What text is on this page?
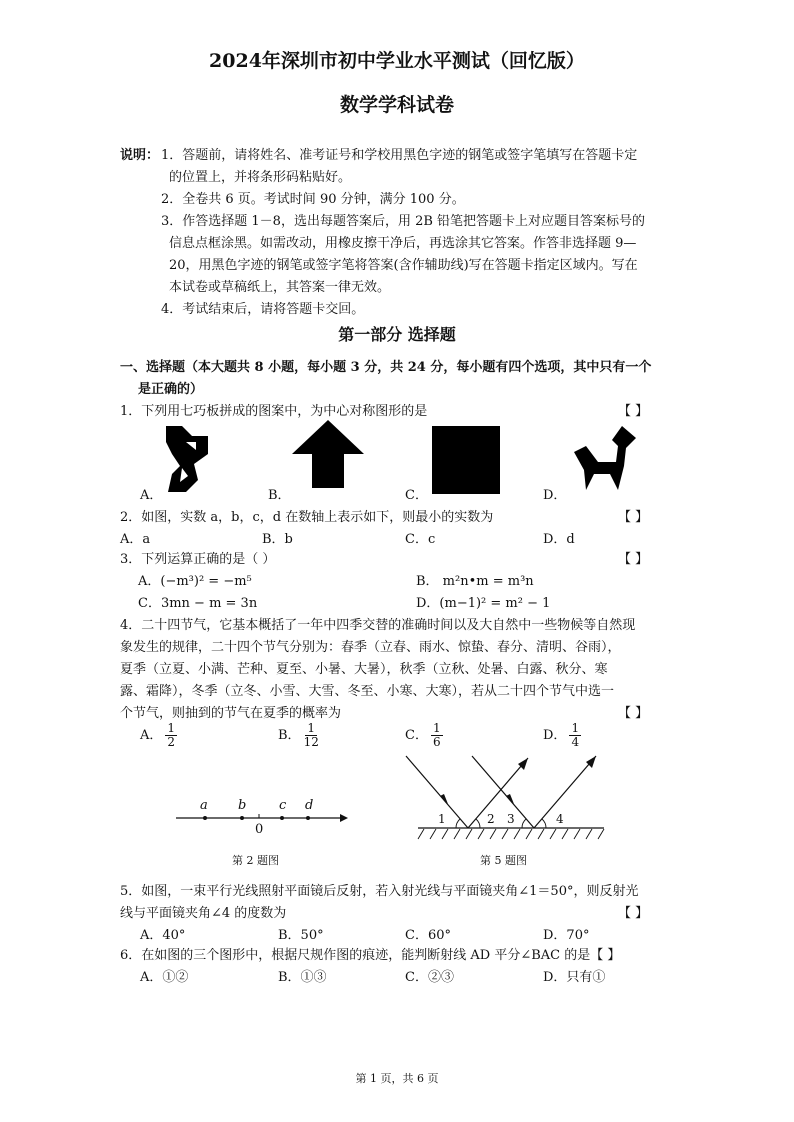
2024年深圳市初中学业水平测试（回忆版）
数学学科试卷
说明： 1．答题前，请将姓名、准考证号和学校用黑色字迹的钢笔或签字笔填写在答题卡定
的位置上，并将条形码粘贴好。
2．全卷共 6 页。考试时间 90 分钟，满分 100 分。
3．作答选择题 1－8，选出每题答案后，用 2B 铅笔把答题卡上对应题目答案标号的
信息点框涂黑。如需改动，用橡皮擦干净后，再选涂其它答案。作答非选择题 9—
20，用黑色字迹的钢笔或签字笔将答案(含作辅助线)写在答题卡指定区域内。写在
本试卷或草稿纸上，其答案一律无效。
4．考试结束后，请将答题卡交回。
第一部分 选择题
一、选择题（本大题共 8 小题，每小题 3 分，共 24 分，每小题有四个选项，其中只有一个
是正确的）
1．下列用七巧板拼成的图案中，为中心对称图形的是	【 】
A．	B．	C．	D．
2．如图，实数 a，b，c，d 在数轴上表示如下，则最小的实数为	【 】
A．a	B．b	C．c	D．d
3．下列运算正确的是（ ）	【 】
A．(−m³)² = −m⁵	B． m²n•m = m³n
C．3mn − m = 3n	D．(m−1)² = m² − 1
4．二十四节气，它基本概括了一年中四季交替的准确时间以及大自然中一些物候等自然现
象发生的规律，二十四个节气分别为：春季（立春、雨水、惊蛰、春分、清明、谷雨），
夏季（立夏、小满、芒种、夏至、小暑、大暑），秋季（立秋、处暑、白露、秋分、寒
露、霜降），冬季（立冬、小雪、大雪、冬至、小寒、大寒），若从二十四个节气中选一
个节气，则抽到的节气在夏季的概率为	【 】
A． $\frac{1}{2}$	B． $\frac{1}{12}$	C． $\frac{1}{6}$	D． $\frac{1}{4}$
a b	c d
0
第 2 题图
1	2 3	4
第 5 题图
5．如图，一束平行光线照射平面镜后反射，若入射光线与平面镜夹角∠1＝50°，则反射光
线与平面镜夹角∠4 的度数为	【 】
A．40°	B．50°	C．60°	D．70°
6．在如图的三个图形中，根据尺规作图的痕迹，能判断射线 AD 平分∠BAC 的是【 】
A．①②	B．①③	C．②③	D．只有①
第 1 页，共 6 页
